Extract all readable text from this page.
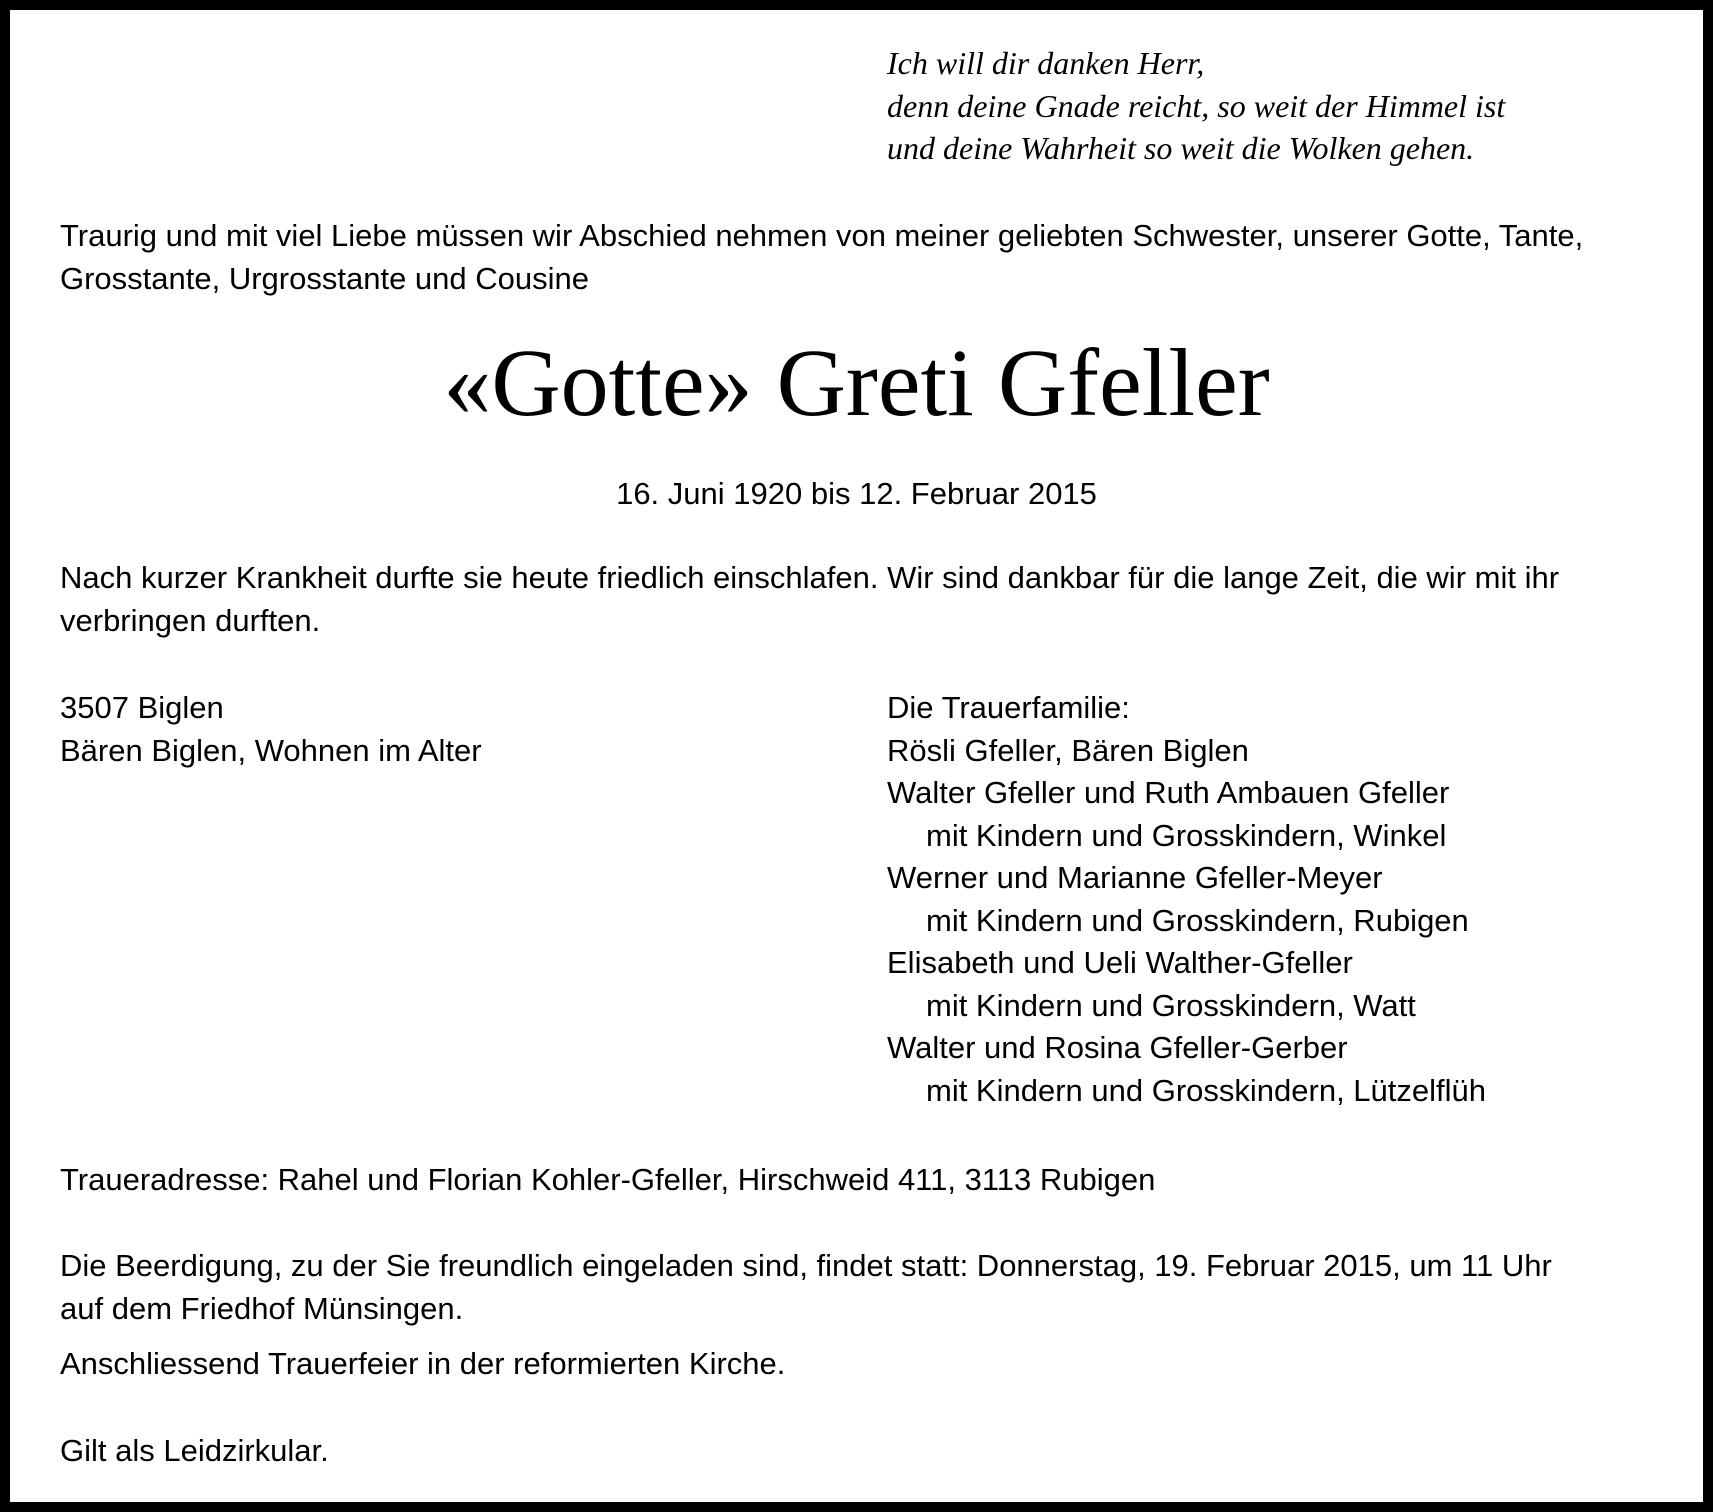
Ich will dir danken Herr,
denn deine Gnade reicht, so weit der Himmel ist
und deine Wahrheit so weit die Wolken gehen.
Traurig und mit viel Liebe müssen wir Abschied nehmen von meiner geliebten Schwester, unserer Gotte, Tante,
Grosstante, Urgrosstante und Cousine
«Gotte» Greti Gfeller
16. Juni 1920 bis 12. Februar 2015
Nach kurzer Krankheit durfte sie heute friedlich einschlafen. Wir sind dankbar für die lange Zeit, die wir mit ihr
verbringen durften.
3507 Biglen
Bären Biglen, Wohnen im Alter
Die Trauerfamilie:
Rösli Gfeller, Bären Biglen
Walter Gfeller und Ruth Ambauen Gfeller
mit Kindern und Grosskindern, Winkel
Werner und Marianne Gfeller-Meyer
mit Kindern und Grosskindern, Rubigen
Elisabeth und Ueli Walther-Gfeller
mit Kindern und Grosskindern, Watt
Walter und Rosina Gfeller-Gerber
mit Kindern und Grosskindern, Lützelflüh
Traueradresse: Rahel und Florian Kohler-Gfeller, Hirschweid 411, 3113 Rubigen
Die Beerdigung, zu der Sie freundlich eingeladen sind, findet statt: Donnerstag, 19. Februar 2015, um 11 Uhr
auf dem Friedhof Münsingen.
Anschliessend Trauerfeier in der reformierten Kirche.
Gilt als Leidzirkular.
